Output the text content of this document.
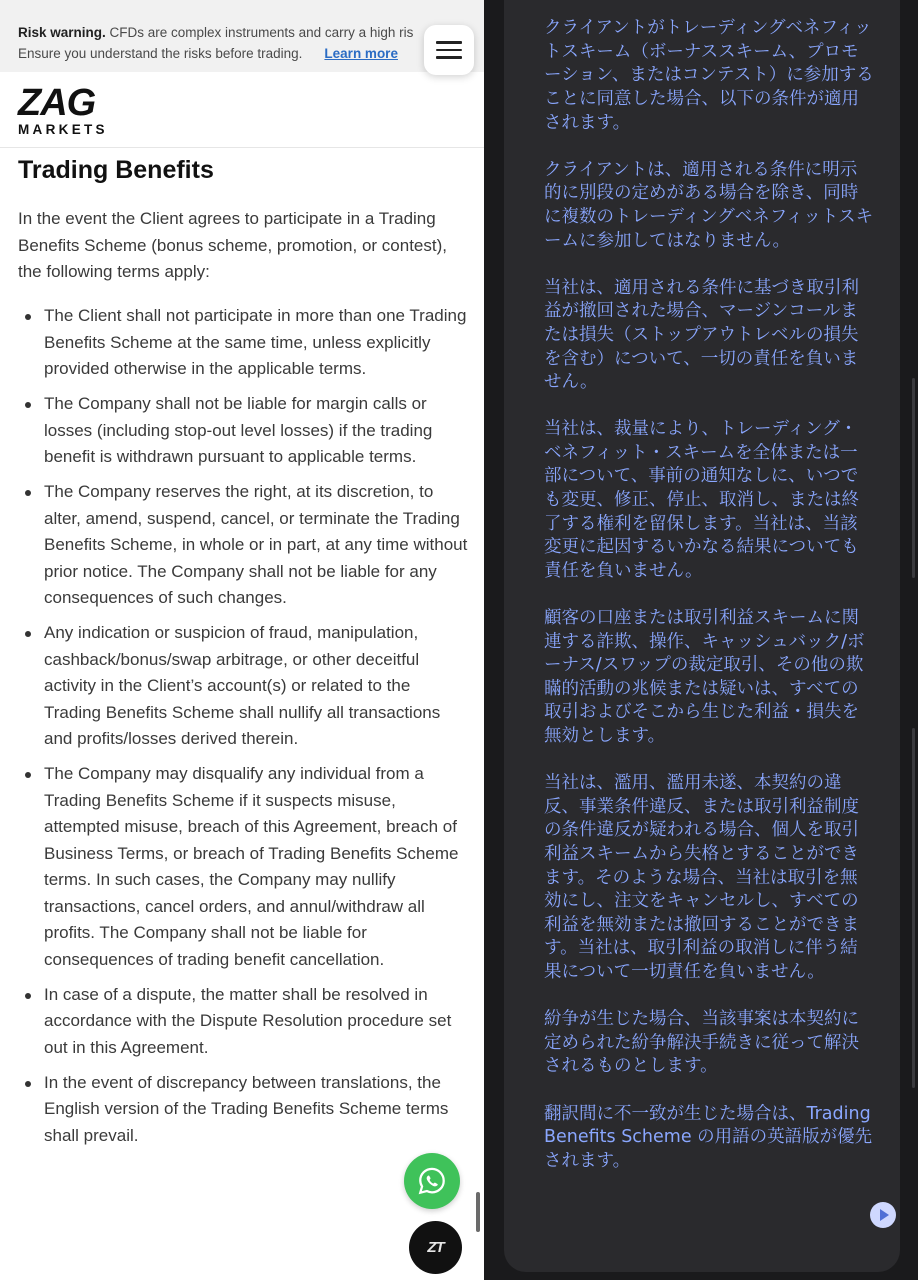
Risk warning. CFDs are complex instruments and carry a high ris
Ensure you understand the risks before trading. Learn more
ZAG
MARKETS
Trading Benefits

In the event the Client agrees to participate in a Trading Benefits Scheme (bonus scheme, promotion, or contest), the following terms apply:

The Client shall not participate in more than one Trading Benefits Scheme at the same time, unless explicitly provided otherwise in the applicable terms.
The Company shall not be liable for margin calls or losses (including stop-out level losses) if the trading benefit is withdrawn pursuant to applicable terms.
The Company reserves the right, at its discretion, to alter, amend, suspend, cancel, or terminate the Trading Benefits Scheme, in whole or in part, at any time without prior notice. The Company shall not be liable for any consequences of such changes.
Any indication or suspicion of fraud, manipulation, cashback/bonus/swap arbitrage, or other deceitful activity in the Client’s account(s) or related to the Trading Benefits Scheme shall nullify all transactions and profits/losses derived therein.
The Company may disqualify any individual from a Trading Benefits Scheme if it suspects misuse, attempted misuse, breach of this Agreement, breach of Business Terms, or breach of Trading Benefits Scheme terms. In such cases, the Company may nullify transactions, cancel orders, and annul/withdraw all profits. The Company shall not be liable for consequences of trading benefit cancellation.
In case of a dispute, the matter shall be resolved in accordance with the Dispute Resolution procedure set out in this Agreement.
In the event of discrepancy between translations, the English version of the Trading Benefits Scheme terms shall prevail.
ZT
クライアントがトレーディングベネフィットスキーム（ボーナススキーム、プロモーション、またはコンテスト）に参加することに同意した場合、以下の条件が適用されます。
クライアントは、適用される条件に明示的に別段の定めがある場合を除き、同時に複数のトレーディングベネフィットスキームに参加してはなりません。
当社は、適用される条件に基づき取引利益が撤回された場合、マージンコールまたは損失（ストップアウトレベルの損失を含む）について、一切の責任を負いません。
当社は、裁量により、トレーディング・ベネフィット・スキームを全体または一部について、事前の通知なしに、いつでも変更、修正、停止、取消し、または終了する権利を留保します。当社は、当該変更に起因するいかなる結果についても責任を負いません。
顧客の口座または取引利益スキームに関連する詐欺、操作、キャッシュバック/ボーナス/スワップの裁定取引、その他の欺瞞的活動の兆候または疑いは、すべての取引およびそこから生じた利益・損失を無効とします。
当社は、濫用、濫用未遂、本契約の違反、事業条件違反、または取引利益制度の条件違反が疑われる場合、個人を取引利益スキームから失格とすることができます。そのような場合、当社は取引を無効にし、注文をキャンセルし、すべての利益を無効または撤回することができます。当社は、取引利益の取消しに伴う結果について一切責任を負いません。
紛争が生じた場合、当該事案は本契約に定められた紛争解決手続きに従って解決されるものとします。
翻訳間に不一致が生じた場合は、Trading Benefits Scheme の用語の英語版が優先されます。
